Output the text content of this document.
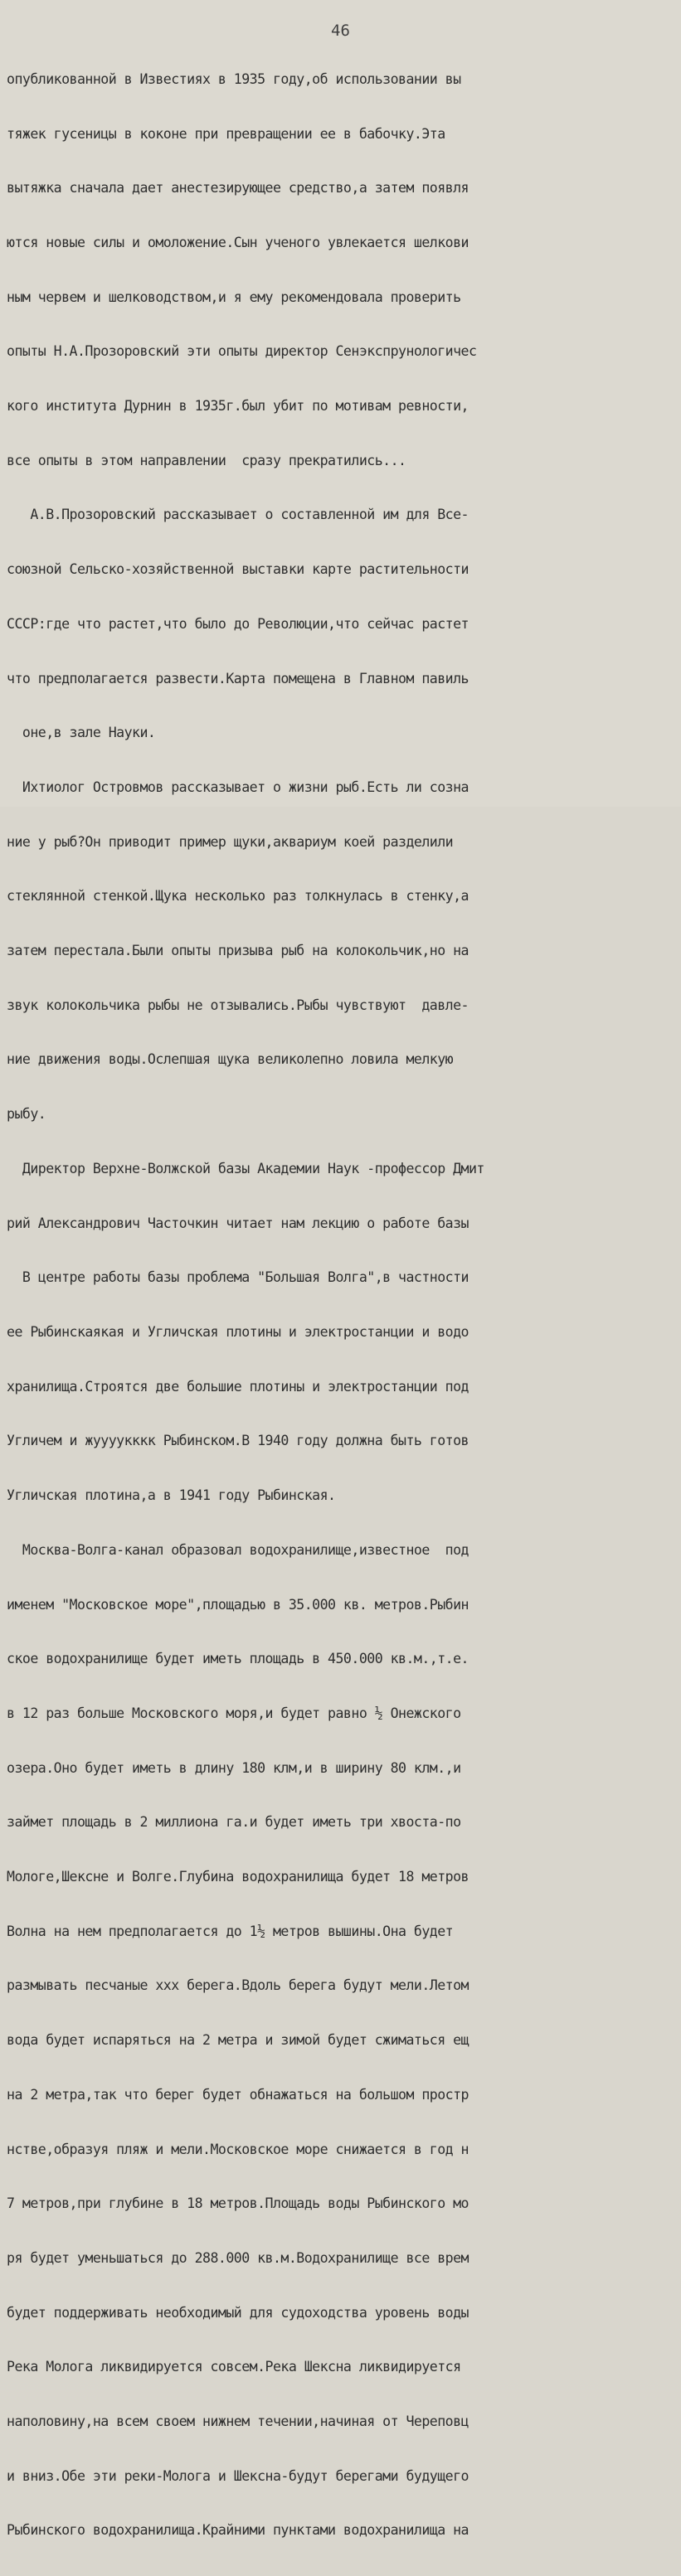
46

опубликованной в Известиях в 1935 году,об использовании вы

тяжек гусеницы в коконе при превращении ее в бабочку.Эта

вытяжка сначала дает анестезирующее средство,а затем появля

ются новые силы и омоложение.Сын ученого увлекается шелкови

ным червем и шелководством,и я ему рекомендовала проверить

опыты Н.А.Прозоровский эти опыты директор Сенэкспрунологичес

кого института Дурнин в 1935г.был убит по мотивам ревности,

все опыты в этом направлении  сразу прекратились...

А.В.Прозоровский рассказывает о составленной им для Все-

союзной Сельско-хозяйственной выставки карте растительности

СССР:где что растет,что было до Революции,что сейчас растет

что предполагается развести.Карта помещена в Главном павиль

оне,в зале Науки.

Ихтиолог Островмов рассказывает о жизни рыб.Есть ли созна

ние у рыб?Он приводит пример щуки,аквариум коей разделили

стеклянной стенкой.Щука несколько раз толкнулась в стенку,а

затем перестала.Были опыты призыва рыб на колокольчик,но на

звук колокольчика рыбы не отзывались.Рыбы чувствуют  давле-

ние движения воды.Ослепшая щука великолепно ловила мелкую

рыбу.

Директор Верхне-Волжской базы Академии Наук -профессор Дмит

рий Александрович Часточкин читает нам лекцию о работе базы

В центре работы базы проблема "Большая Волга",в частности

ее Рыбинскаякая и Угличская плотины и электростанции и водо

хранилища.Строятся две большие плотины и электростанции под

Угличем и жуууукккк Рыбинском.В 1940 году должна быть готов

Угличская плотина,а в 1941 году Рыбинская.

Москва-Волга-канал образовал водохранилище,известное  под

именем "Московское море",площадью в 35.000 кв. метров.Рыбин

ское водохранилище будет иметь площадь в 450.000 кв.м.,т.е.

в 12 раз больше Московского моря,и будет равно ½ Онежского

озера.Оно будет иметь в длину 180 клм,и в ширину 80 клм.,и

займет площадь в 2 миллиона га.и будет иметь три хвоста-по

Мологе,Шексне и Волге.Глубина водохранилища будет 18 метров

Волна на нем предполагается до 1½ метров вышины.Она будет

размывать песчаные ххх берега.Вдоль берега будут мели.Летом

вода будет испаряться на 2 метра и зимой будет сжиматься ещ

на 2 метра,так что берег будет обнажаться на большом простр

нстве,образуя пляж и мели.Московское море снижается в год н

7 метров,при глубине в 18 метров.Площадь воды Рыбинского мо

ря будет уменьшаться до 288.000 кв.м.Водохранилище все врем

будет поддерживать необходимый для судоходства уровень воды

Река Молога ликвидируется совсем.Река Шексна ликвидируется

наполовину,на всем своем нижнем течении,начиная от Череповц

и вниз.Обе эти реки-Молога и Шексна-будут берегами будущего

Рыбинского водохранилища.Крайними пунктами водохранилища на
